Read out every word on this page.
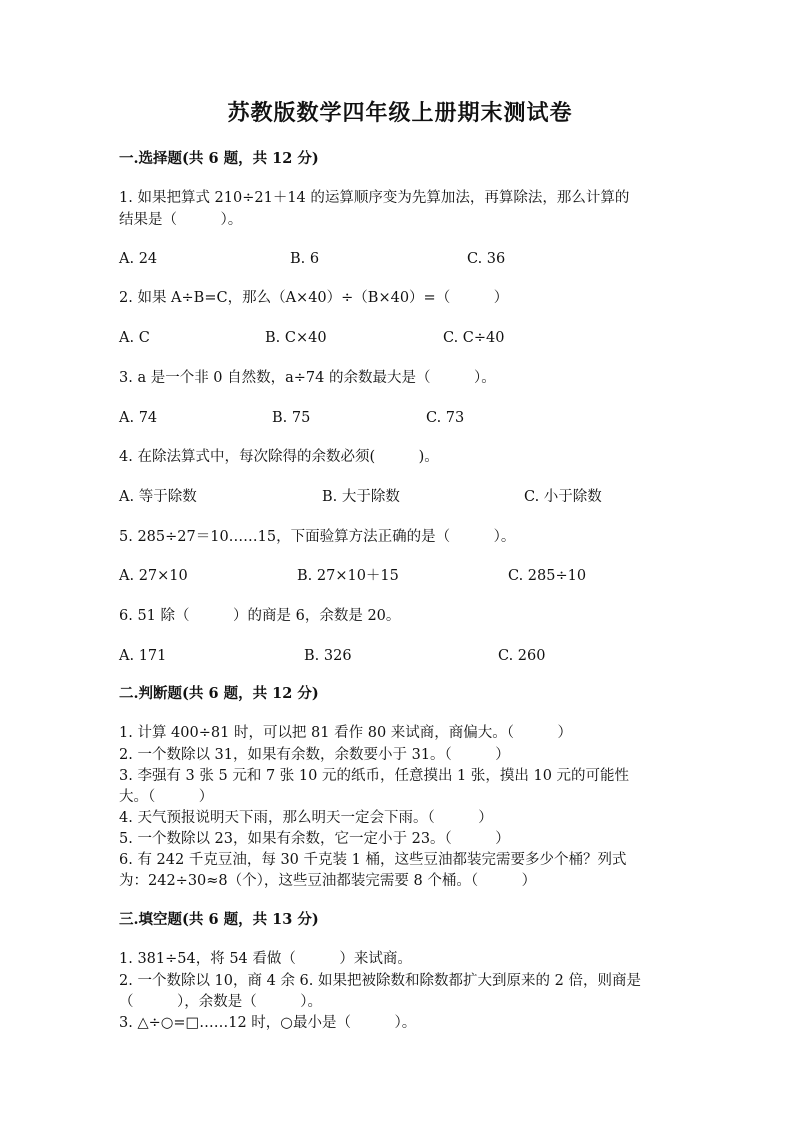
苏教版数学四年级上册期末测试卷
一.选择题(共 6 题，共 12 分)
1. 如果把算式 210÷21＋14 的运算顺序变为先算加法，再算除法，那么计算的
结果是（　　　）。
A. 24	B. 6	C. 36
2. 如果 A÷B=C，那么（A×40）÷（B×40）=（　　　）
A. C	B. C×40	C. C÷40
3. a 是一个非 0 自然数，a÷74 的余数最大是（　　　）。
A. 74	B. 75	C. 73
4. 在除法算式中，每次除得的余数必须(　　　)。
A. 等于除数	B. 大于除数	C. 小于除数
5. 285÷27＝10……15，下面验算方法正确的是（　　　）。
A. 27×10	B. 27×10＋15	C. 285÷10
6. 51 除（　　　）的商是 6，余数是 20。
A. 171	B. 326	C. 260
二.判断题(共 6 题，共 12 分)
1. 计算 400÷81 时，可以把 81 看作 80 来试商，商偏大。（　　　）
2. 一个数除以 31，如果有余数，余数要小于 31。（　　　）
3. 李强有 3 张 5 元和 7 张 10 元的纸币，任意摸出 1 张，摸出 10 元的可能性
大。（　　　）
4. 天气预报说明天下雨，那么明天一定会下雨。（　　　）
5. 一个数除以 23，如果有余数，它一定小于 23。（　　　）
6. 有 242 千克豆油，每 30 千克装 1 桶，这些豆油都装完需要多少个桶？列式
为：242÷30≈8（个），这些豆油都装完需要 8 个桶。（　　　）
三.填空题(共 6 题，共 13 分)
1. 381÷54，将 54 看做（　　　）来试商。
2. 一个数除以 10，商 4 余 6. 如果把被除数和除数都扩大到原来的 2 倍，则商是
（　　　），余数是（　　　）。
3. △÷○=□……12 时，○最小是（　　　）。
